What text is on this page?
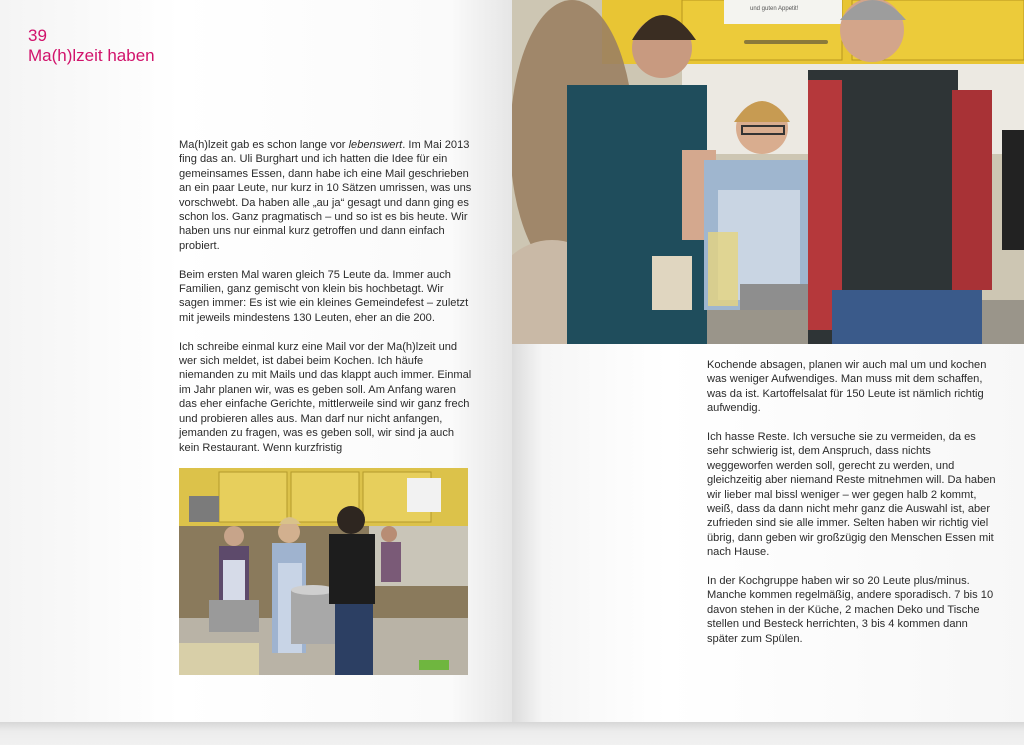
39
Ma(h)lzeit haben

Ma(h)lzeit gab es schon lange vor lebenswert. Im Mai 2013 fing das an. Uli Burghart und ich hatten die Idee für ein gemeinsames Essen, dann habe ich eine Mail geschrieben an ein paar Leute, nur kurz in 10 Sätzen umrissen, was uns vorschwebt. Da haben alle „au ja“ gesagt und dann ging es schon los. Ganz pragmatisch – und so ist es bis heute. Wir haben uns nur einmal kurz getroffen und dann einfach probiert.

Beim ersten Mal waren gleich 75 Leute da. Immer auch Familien, ganz gemischt von klein bis hochbetagt. Wir sagen immer: Es ist wie ein kleines Gemeindefest – zuletzt mit jeweils mindestens 130 Leuten, eher an die 200.

Ich schreibe einmal kurz eine Mail vor der Ma(h)lzeit und wer sich meldet, ist dabei beim Kochen. Ich häufe niemanden zu mit Mails und das klappt auch immer. Einmal im Jahr planen wir, was es geben soll. Am Anfang waren das eher einfache Gerichte, mittlerweile sind wir ganz frech und probieren alles aus. Man darf nur nicht anfangen, jemanden zu fragen, was es geben soll, wir sind ja auch kein Restaurant. Wenn kurzfristig

und guten Appetit!

Kochende absagen, planen wir auch mal um und kochen was weniger Aufwendiges. Man muss mit dem schaffen, was da ist. Kartoffelsalat für 150 Leute ist nämlich richtig aufwendig.

Ich hasse Reste. Ich versuche sie zu vermeiden, da es sehr schwierig ist, dem Anspruch, dass nichts weggeworfen werden soll, gerecht zu werden, und gleichzeitig aber niemand Reste mitnehmen will. Da haben wir lieber mal bissl weniger – wer gegen halb 2 kommt, weiß, dass da dann nicht mehr ganz die Auswahl ist, aber zufrieden sind sie alle immer. Selten haben wir richtig viel übrig, dann geben wir großzügig den Menschen Essen mit nach Hause.

In der Kochgruppe haben wir so 20 Leute plus/minus. Manche kommen regelmäßig, andere sporadisch. 7 bis 10 davon stehen in der Küche, 2 machen Deko und Tische stellen und Besteck herrichten, 3 bis 4 kommen dann später zum Spülen.
